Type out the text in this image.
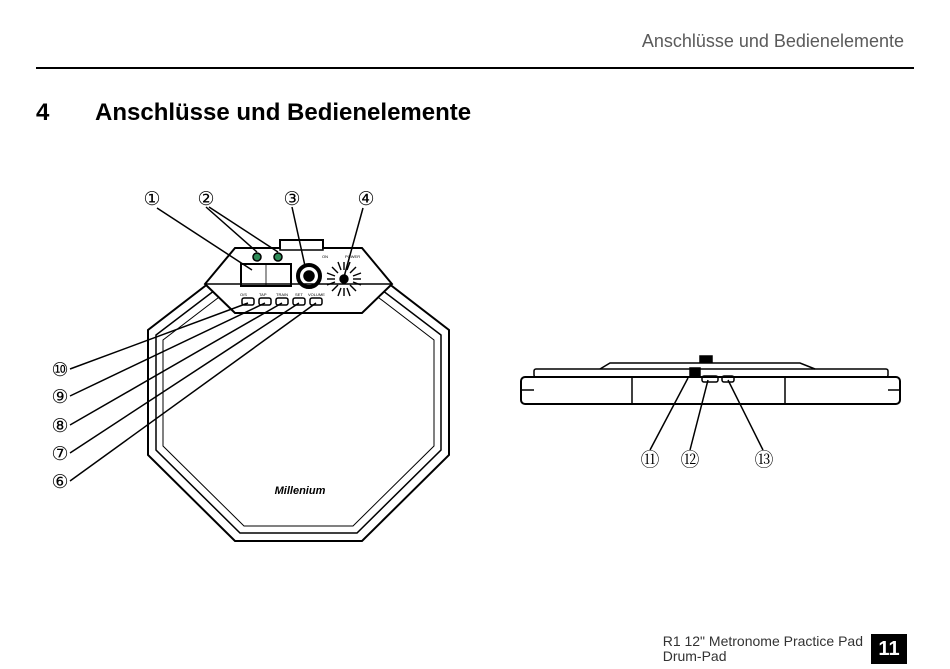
Anschlüsse und Bedienelemente
4 Anschlüsse und Bedienelemente
O/S	TAP TRAIN SET VOLUME
ON	POWER
Millenium
① ②	③	④
⑩
⑨
⑧
⑦
⑥
⑪ ⑫	⑬
R1 12" Metronome Practice Pad
Drum-Pad	11
